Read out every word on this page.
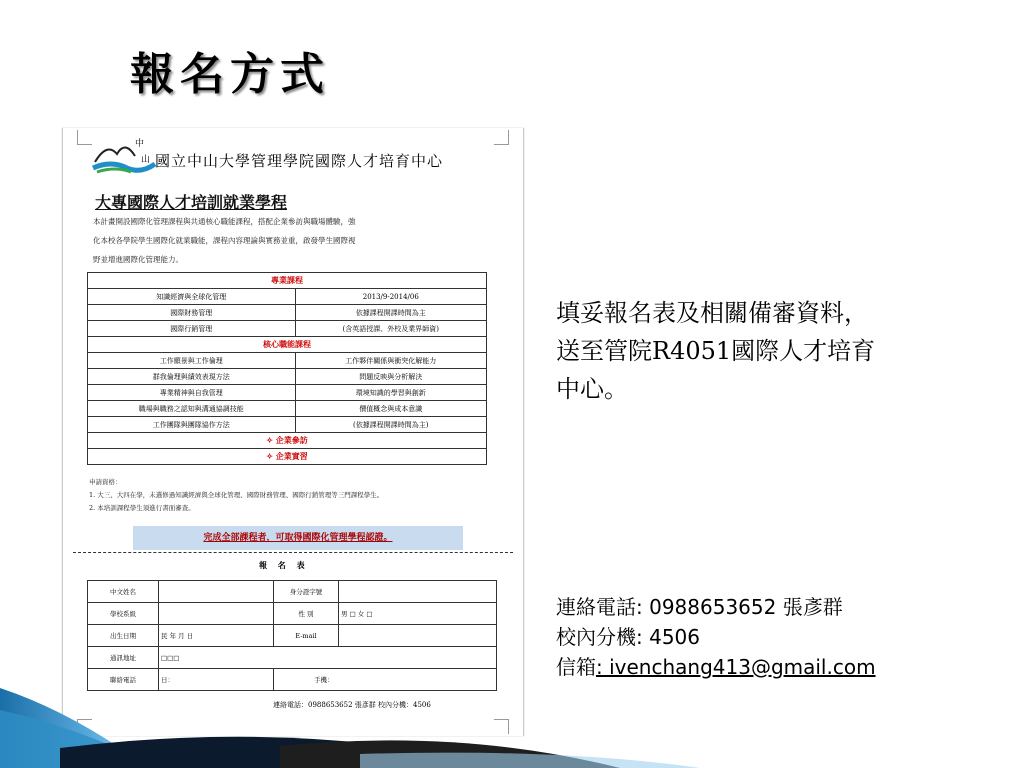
報名方式
中
山 國立中山大學管理學院國際人才培育中心
大專國際人才培訓就業學程
本計畫開設國際化管理課程與共通核心職能課程，搭配企業參訪與職場體驗，強
化本校各學院學生國際化就業職能，課程內容理論與實務並重，啟發學生國際視
野並增進國際化管理能力。
專業課程	
知識經濟與全球化管理	2013/9-2014/06
國際財務管理	依據課程開課時間為主
國際行銷管理	(含英語授課、外校及業界師資)
核心職能課程	
工作願景與工作倫理	工作夥伴關係與衝突化解能力
群我倫理與績效表現方法	問題反映與分析解決
專業精神與自我管理	環境知識的學習與創新
職場與職務之認知與溝通協調技能	價值概念與成本意識
工作團隊與團隊協作方法	(依據課程開課時間為主)
✧ 企業參訪	
✧ 企業實習	
申請資格：
1. 大三、大四在學，未選修過知識經濟與全球化管理、國際財務管理、國際行銷管理等三門課程學生。
2. 本培訓課程學生須進行書面審查。
完成全部課程者，可取得國際化管理學程認證。
報 名 表
中文姓名		身分證字號	
學校系級		性 別	男 □ 女 □
出生日期	民 年 月 日	E-mail	
通訊地址	□□□		
聯絡電話	日：	手機：	
連絡電話：0988653652 張彥群 校內分機：4506
填妥報名表及相關備審資料，
送至管院R4051國際人才培育
中心。
連絡電話: 0988653652 張彥群
校內分機: 4506
信箱: ivenchang413@gmail.com
